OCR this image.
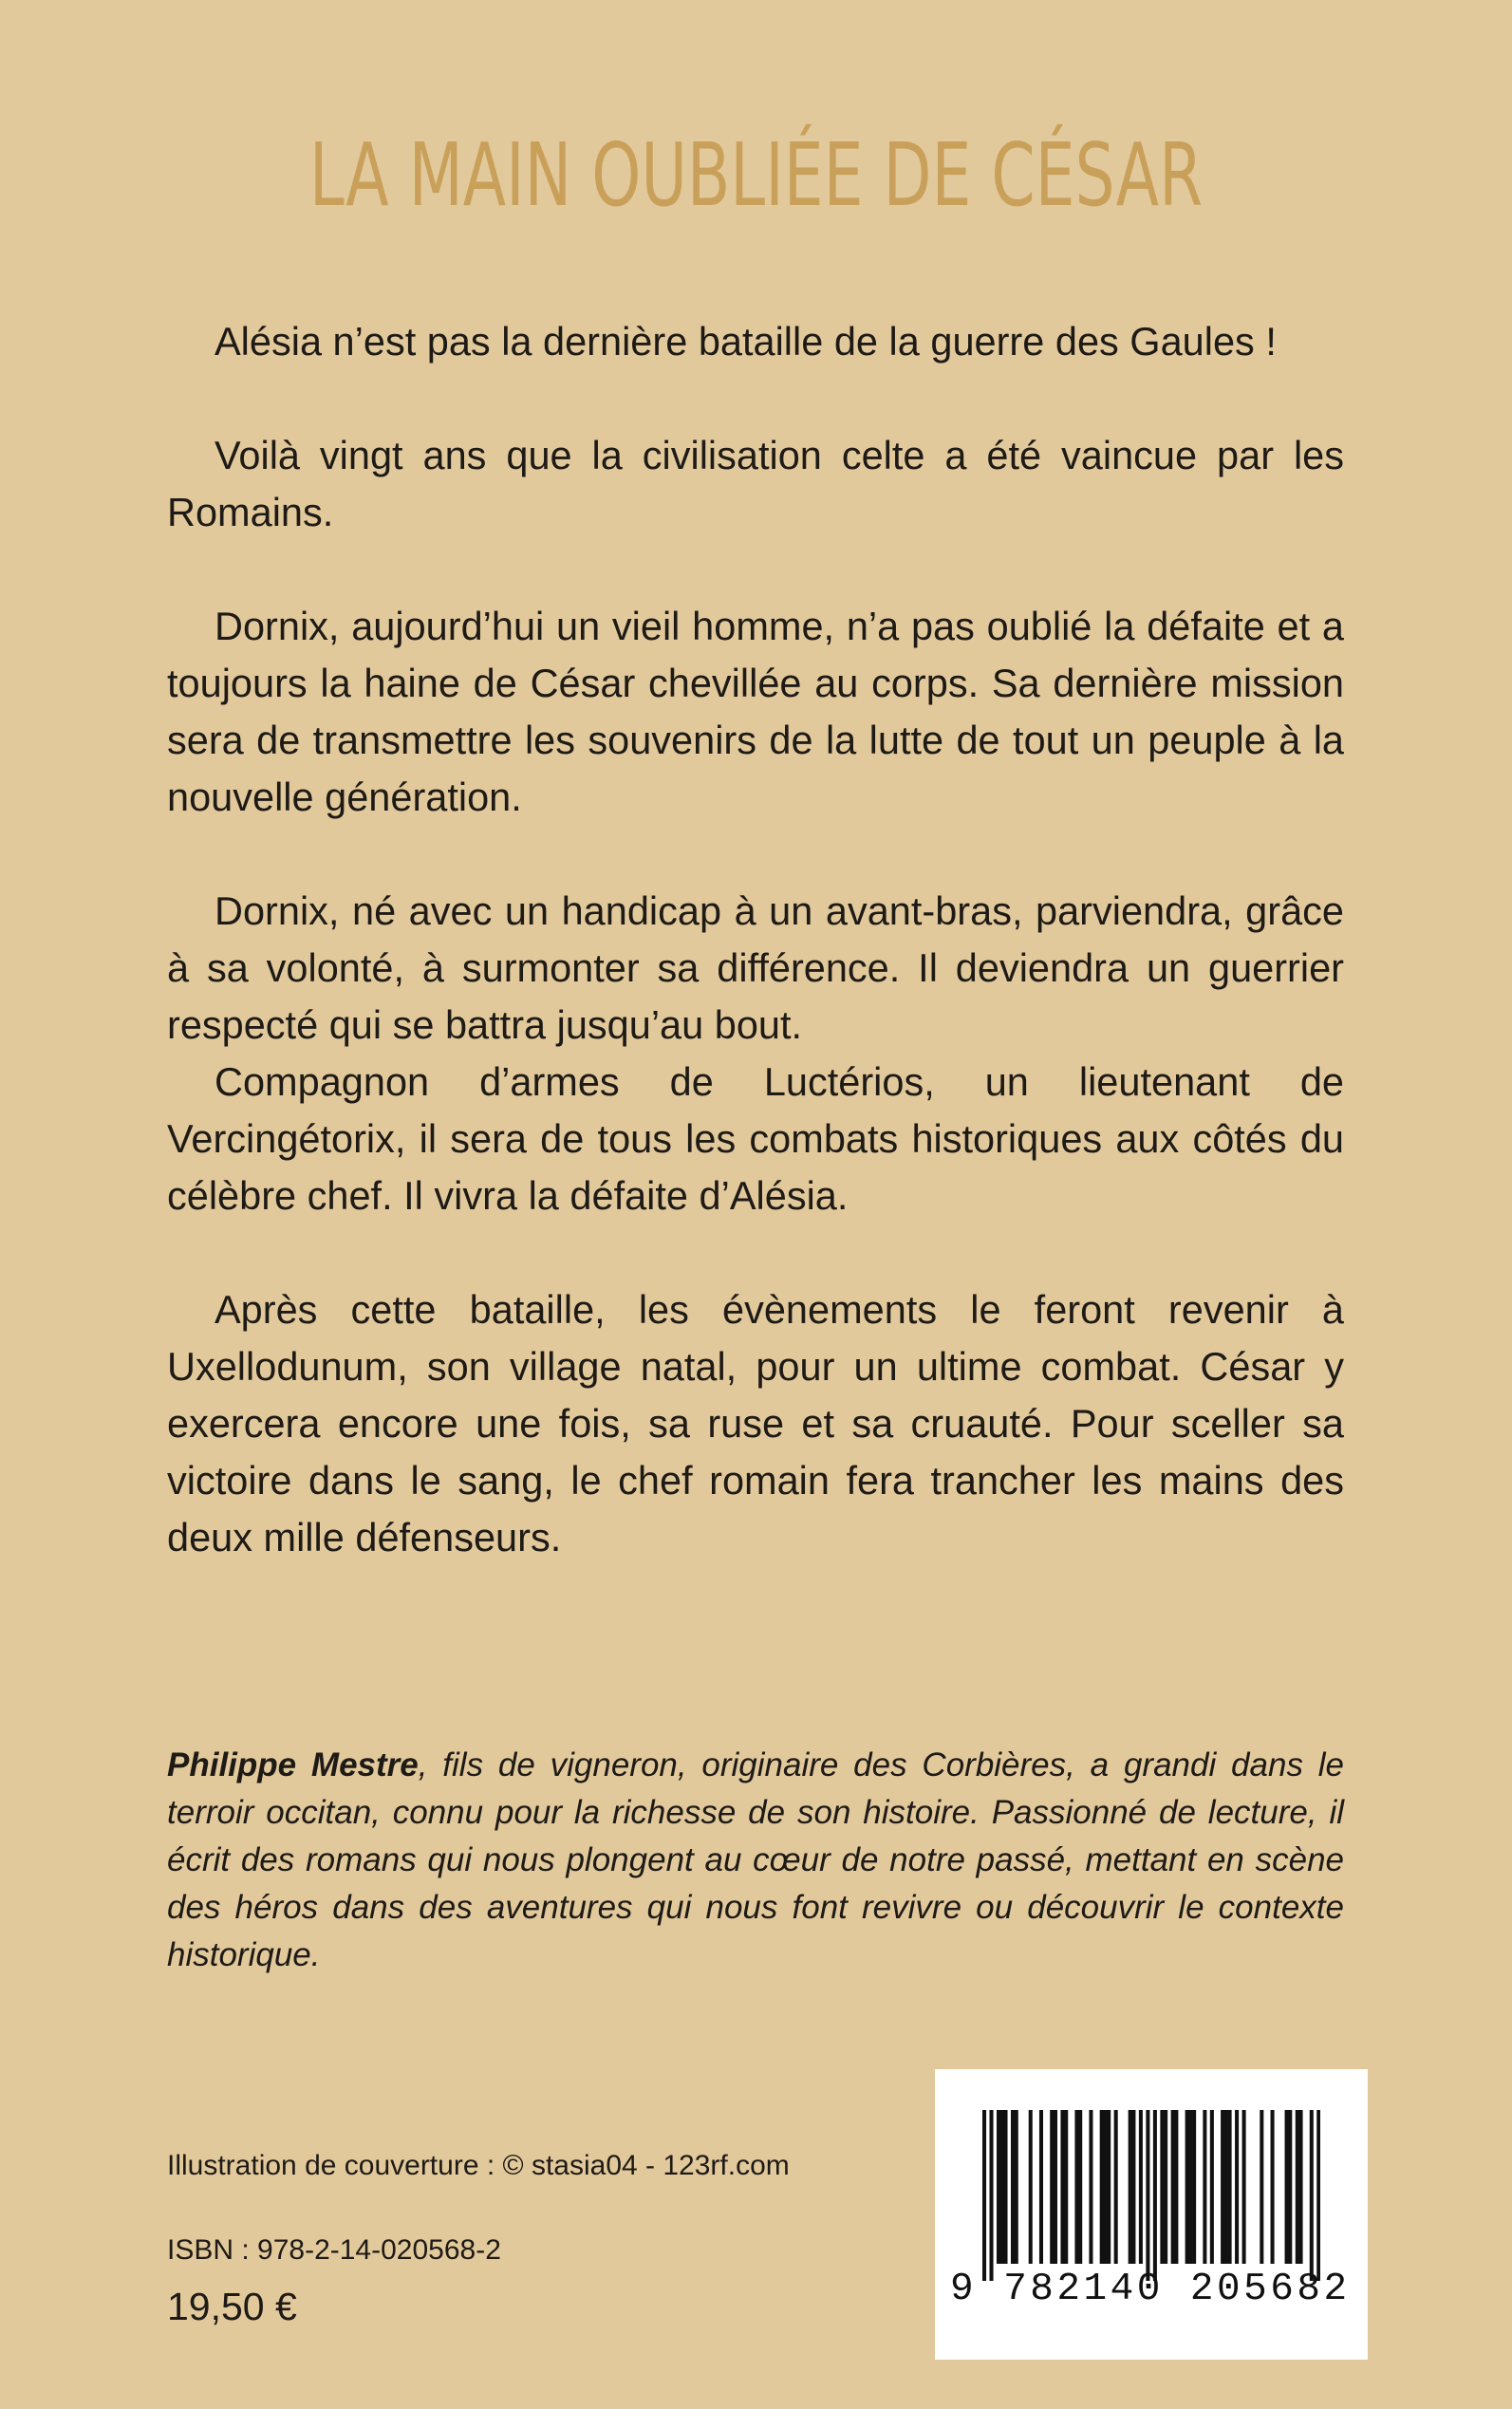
LA MAIN OUBLIÉE DE CÉSAR

Alésia n’est pas la dernière bataille de la guerre des Gaules !

Voilà vingt ans que la civilisation celte a été vaincue par les Romains.

Dornix, aujourd’hui un vieil homme, n’a pas oublié la défaite et a toujours la haine de César chevillée au corps. Sa dernière mission sera de transmettre les souvenirs de la lutte de tout un peuple à la nouvelle génération.

Dornix, né avec un handicap à un avant-bras, parviendra, grâce à sa volonté, à surmonter sa différence. Il deviendra un guerrier respecté qui se battra jusqu’au bout.

Compagnon d’armes de Luctérios, un lieutenant de Vercingétorix, il sera de tous les combats historiques aux côtés du célèbre chef. Il vivra la défaite d’Alésia.

Après cette bataille, les évènements le feront revenir à Uxellodunum, son village natal, pour un ultime combat. César y exercera encore une fois, sa ruse et sa cruauté. Pour sceller sa victoire dans le sang, le chef romain fera trancher les mains des deux mille défenseurs.

Philippe Mestre, fils de vigneron, originaire des Corbières, a grandi dans le terroir occitan, connu pour la richesse de son histoire. Passionné de lecture, il écrit des romans qui nous plongent au cœur de notre passé, mettant en scène des héros dans des aventures qui nous font revivre ou découvrir le contexte historique.

Illustration de couverture : © stasia04 - 123rf.com

ISBN : 978-2-14-020568-2

19,50 €	9 782140 205682
